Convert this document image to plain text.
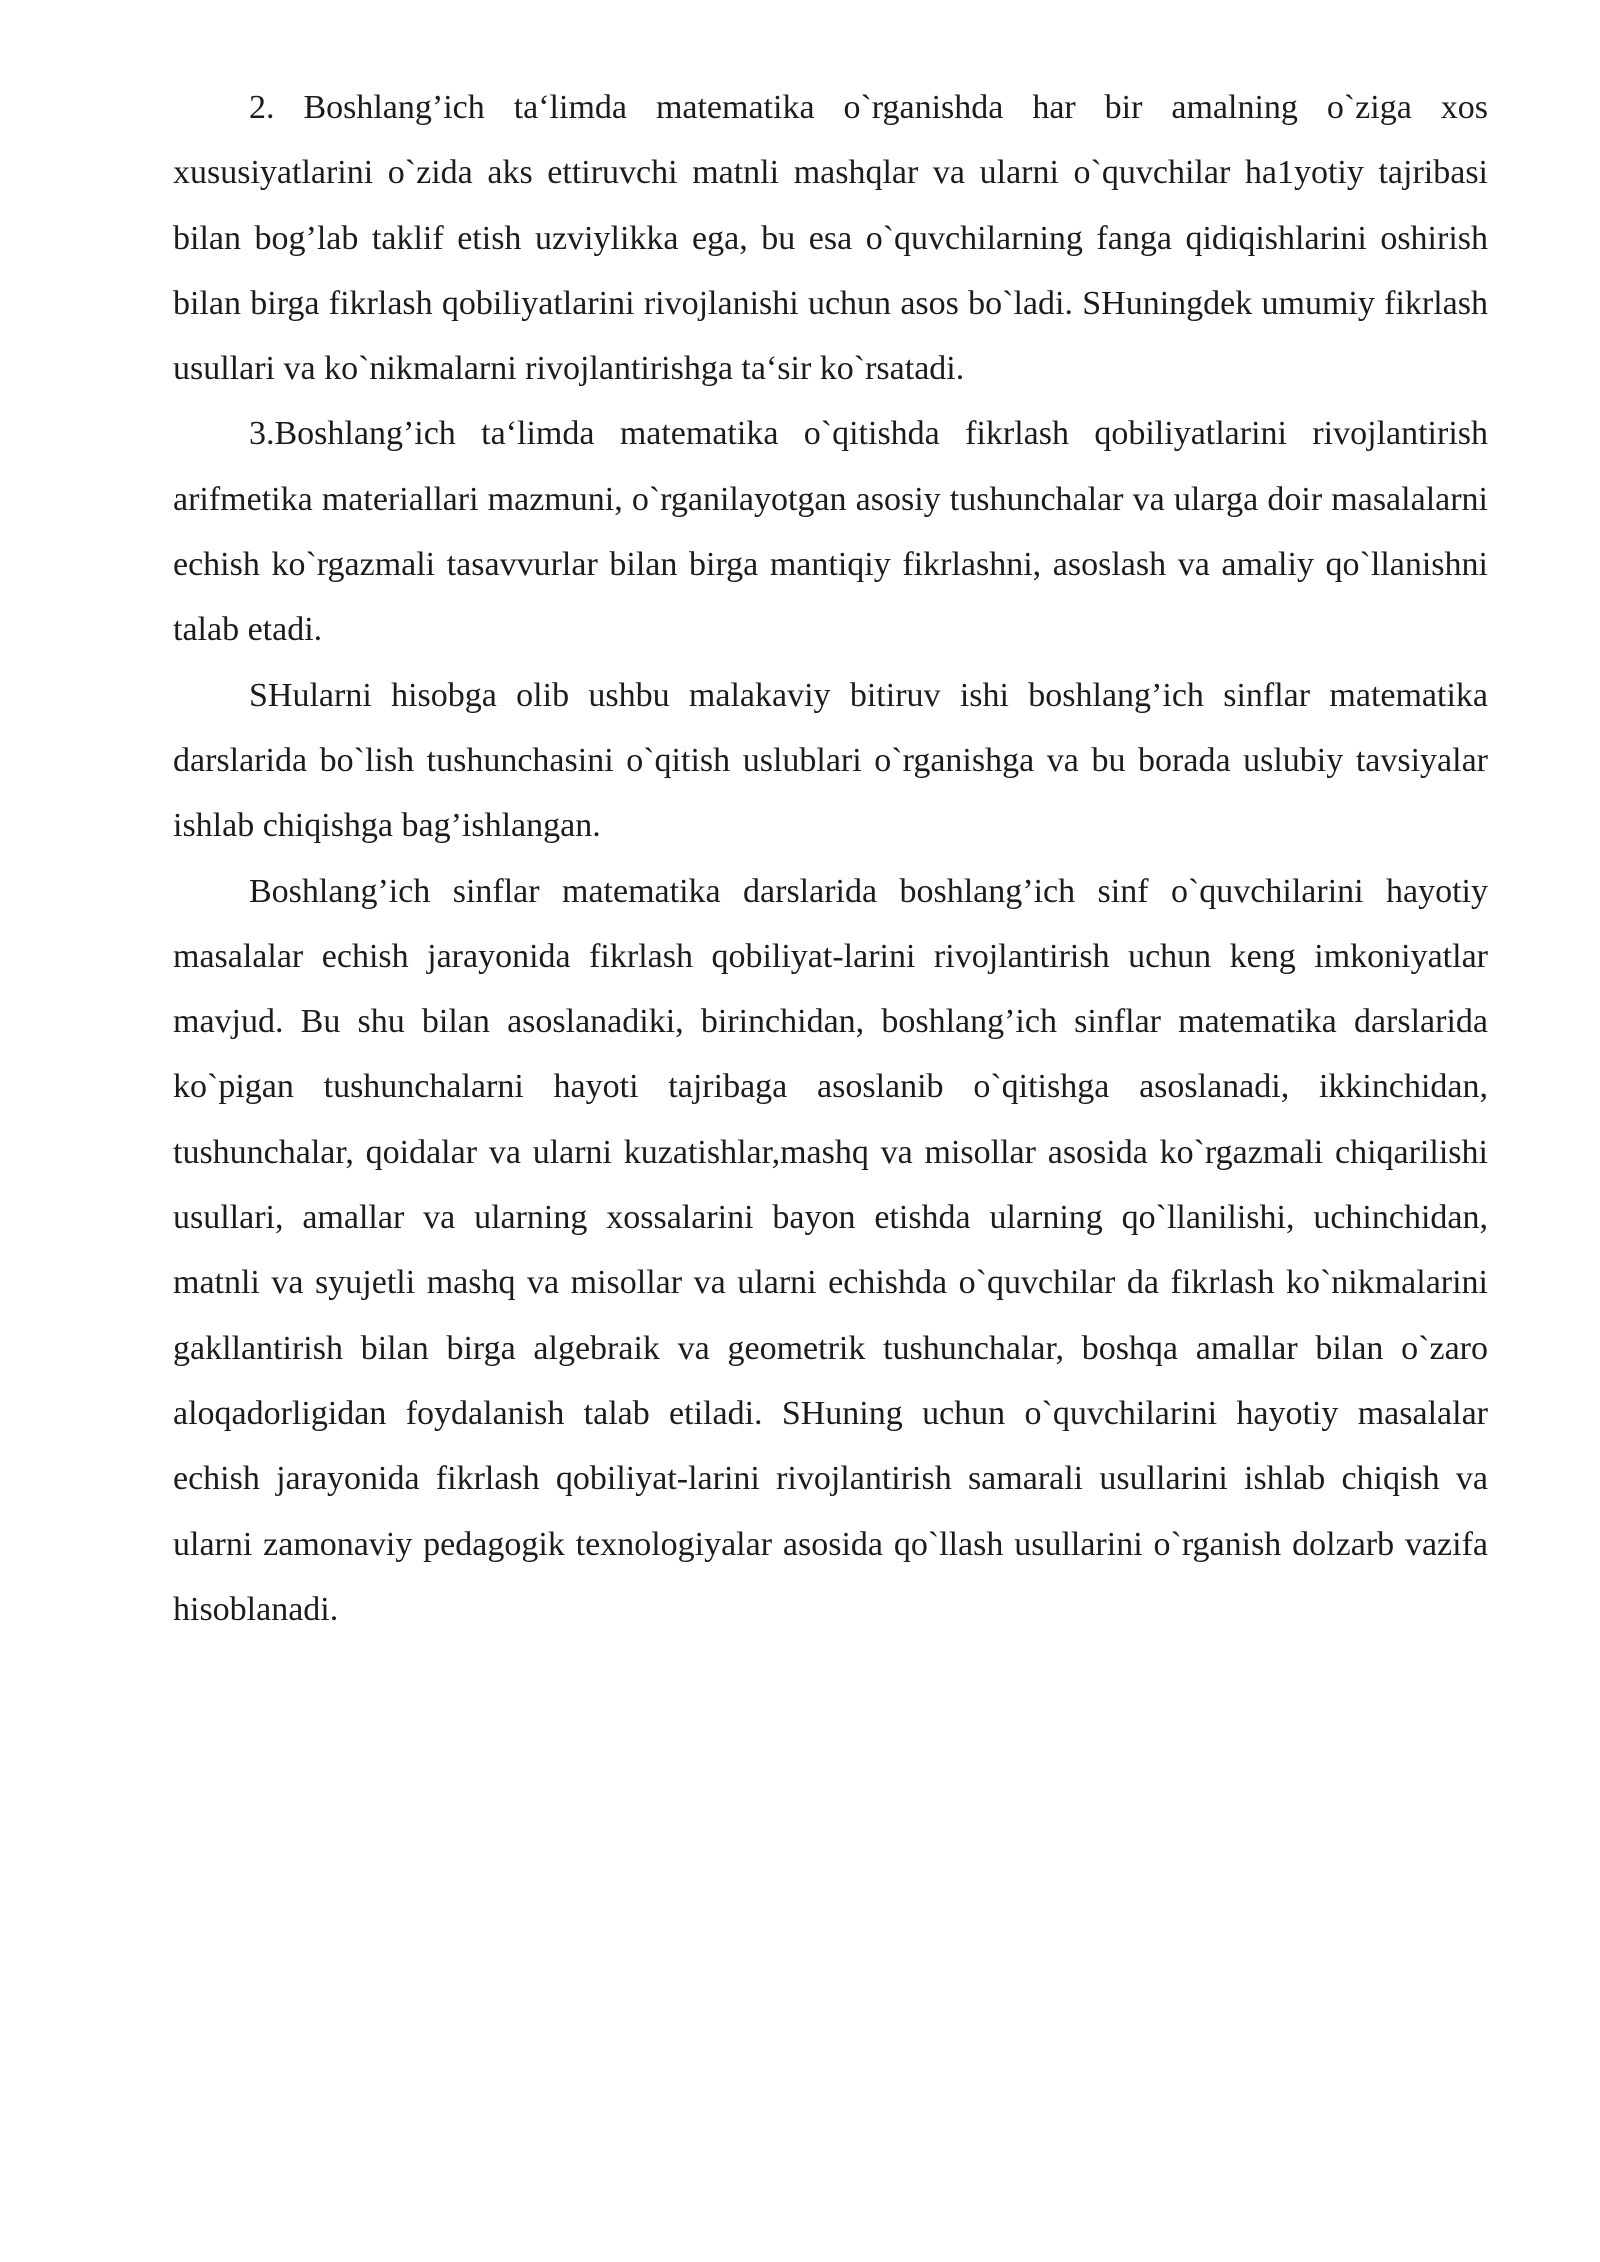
2. Boshlang’ich ta‘limda matematika o`rganishda har bir amalning o`ziga xos xususiyatlarini o`zida aks ettiruvchi matnli mashqlar va ularni o`quvchilar ha1yotiy tajribasi bilan bog’lab taklif etish uzviylikka ega, bu esa o`quvchilarning fanga qidiqishlarini oshirish bilan birga fikrlash qobiliyatlarini rivojlanishi uchun asos bo`ladi. SHuningdek umumiy fikrlash usullari va ko`nikmalarni rivojlantirishga ta‘sir ko`rsatadi.

3.Boshlang’ich ta‘limda matematika o`qitishda fikrlash qobiliyatlarini rivojlantirish arifmetika materiallari mazmuni, o`rganilayotgan asosiy tushunchalar va ularga doir masalalarni echish ko`rgazmali tasavvurlar bilan birga mantiqiy fikrlashni, asoslash va amaliy qo`llanishni talab etadi.

SHularni hisobga olib ushbu malakaviy bitiruv ishi boshlang’ich sinflar matematika darslarida bo`lish tushunchasini o`qitish uslublari o`rganishga va bu borada uslubiy tavsiyalar ishlab chiqishga bag’ishlangan.

Boshlang’ich sinflar matematika darslarida boshlang’ich sinf o`quvchilarini hayotiy masalalar echish jarayonida fikrlash qobiliyat-larini rivojlantirish uchun keng imkoniyatlar mavjud. Bu shu bilan asoslanadiki, birinchidan, boshlang’ich sinflar matematika darslarida ko`pigan tushunchalarni hayoti tajribaga asoslanib o`qitishga asoslanadi, ikkinchidan, tushunchalar, qoidalar va ularni kuzatishlar,mashq va misollar asosida ko`rgazmali chiqarilishi usullari, amallar va ularning xossalarini bayon etishda ularning qo`llanilishi, uchinchidan, matnli va syujetli mashq va misollar va ularni echishda o`quvchilar da fikrlash ko`nikmalarini gakllantirish bilan birga algebraik va geometrik tushunchalar, boshqa amallar bilan o`zaro aloqadorligidan foydalanish talab etiladi. SHuning uchun o`quvchilarini hayotiy masalalar echish jarayonida fikrlash qobiliyat-larini rivojlantirish samarali usullarini ishlab chiqish va ularni zamonaviy pedagogik texnologiyalar asosida qo`llash usullarini o`rganish dolzarb vazifa hisoblanadi.
